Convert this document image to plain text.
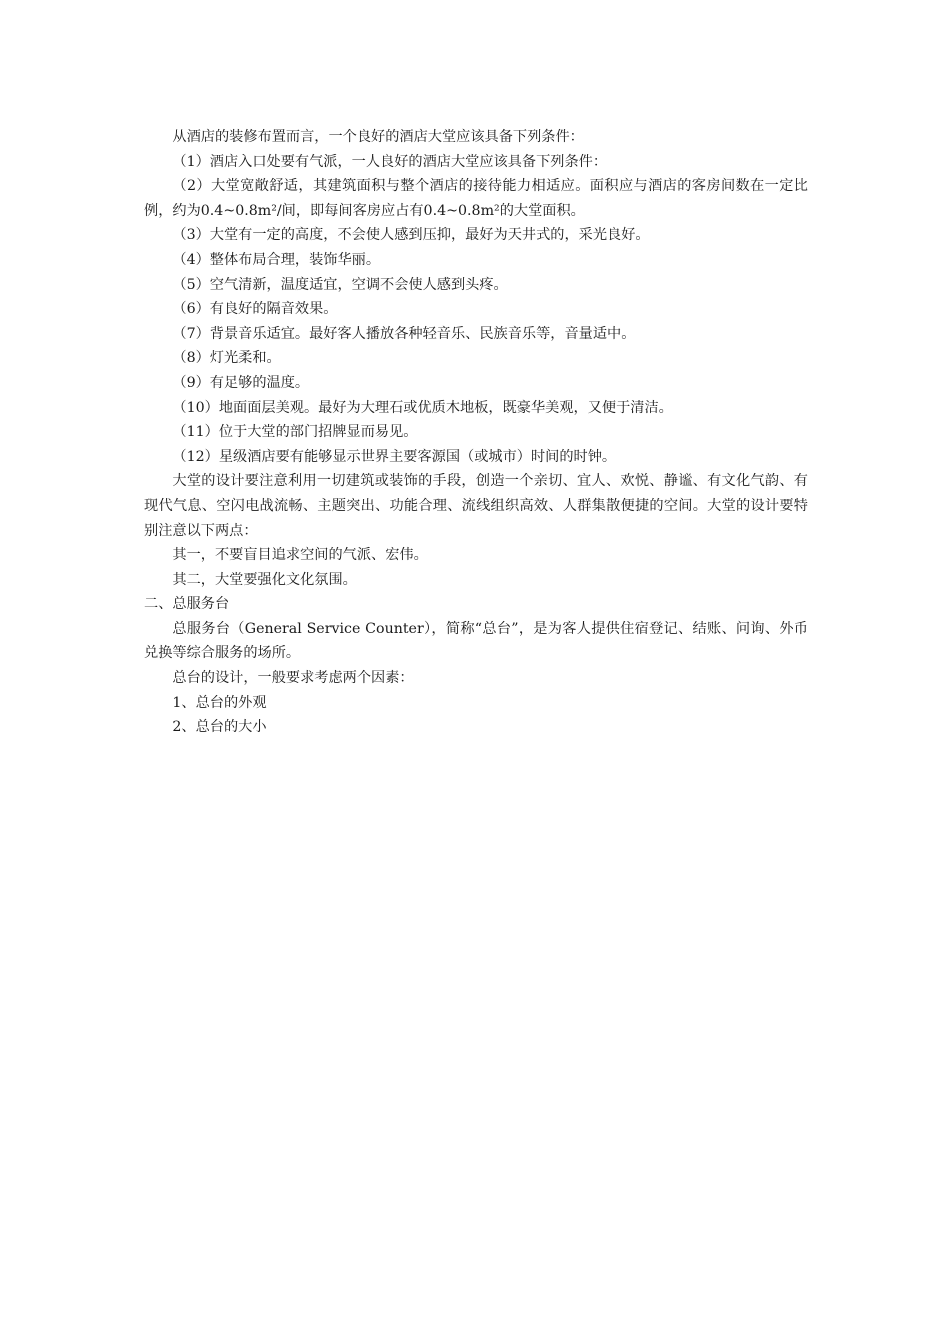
从酒店的装修布置而言，一个良好的酒店大堂应该具备下列条件：

（1）酒店入口处要有气派，一人良好的酒店大堂应该具备下列条件：

（2）大堂宽敞舒适，其建筑面积与整个酒店的接待能力相适应。面积应与酒店的客房间数在一定比例，约为0.4~0.8m²/间，即每间客房应占有0.4~0.8m²的大堂面积。

（3）大堂有一定的高度，不会使人感到压抑，最好为天井式的，采光良好。

（4）整体布局合理，装饰华丽。

（5）空气清新，温度适宜，空调不会使人感到头疼。

（6）有良好的隔音效果。

（7）背景音乐适宜。最好客人播放各种轻音乐、民族音乐等，音量适中。

（8）灯光柔和。

（9）有足够的温度。

（10）地面面层美观。最好为大理石或优质木地板，既豪华美观，又便于清洁。

（11）位于大堂的部门招牌显而易见。

（12）星级酒店要有能够显示世界主要客源国（或城市）时间的时钟。

大堂的设计要注意利用一切建筑或装饰的手段，创造一个亲切、宜人、欢悦、静谧、有文化气韵、有现代气息、空闪电战流畅、主题突出、功能合理、流线组织高效、人群集散便捷的空间。大堂的设计要特别注意以下两点：

其一，不要盲目追求空间的气派、宏伟。

其二，大堂要强化文化氛围。

二、总服务台

总服务台（General Service Counter），简称“总台”，是为客人提供住宿登记、结账、问询、外币兑换等综合服务的场所。

总台的设计，一般要求考虑两个因素：

1、总台的外观

2、总台的大小
